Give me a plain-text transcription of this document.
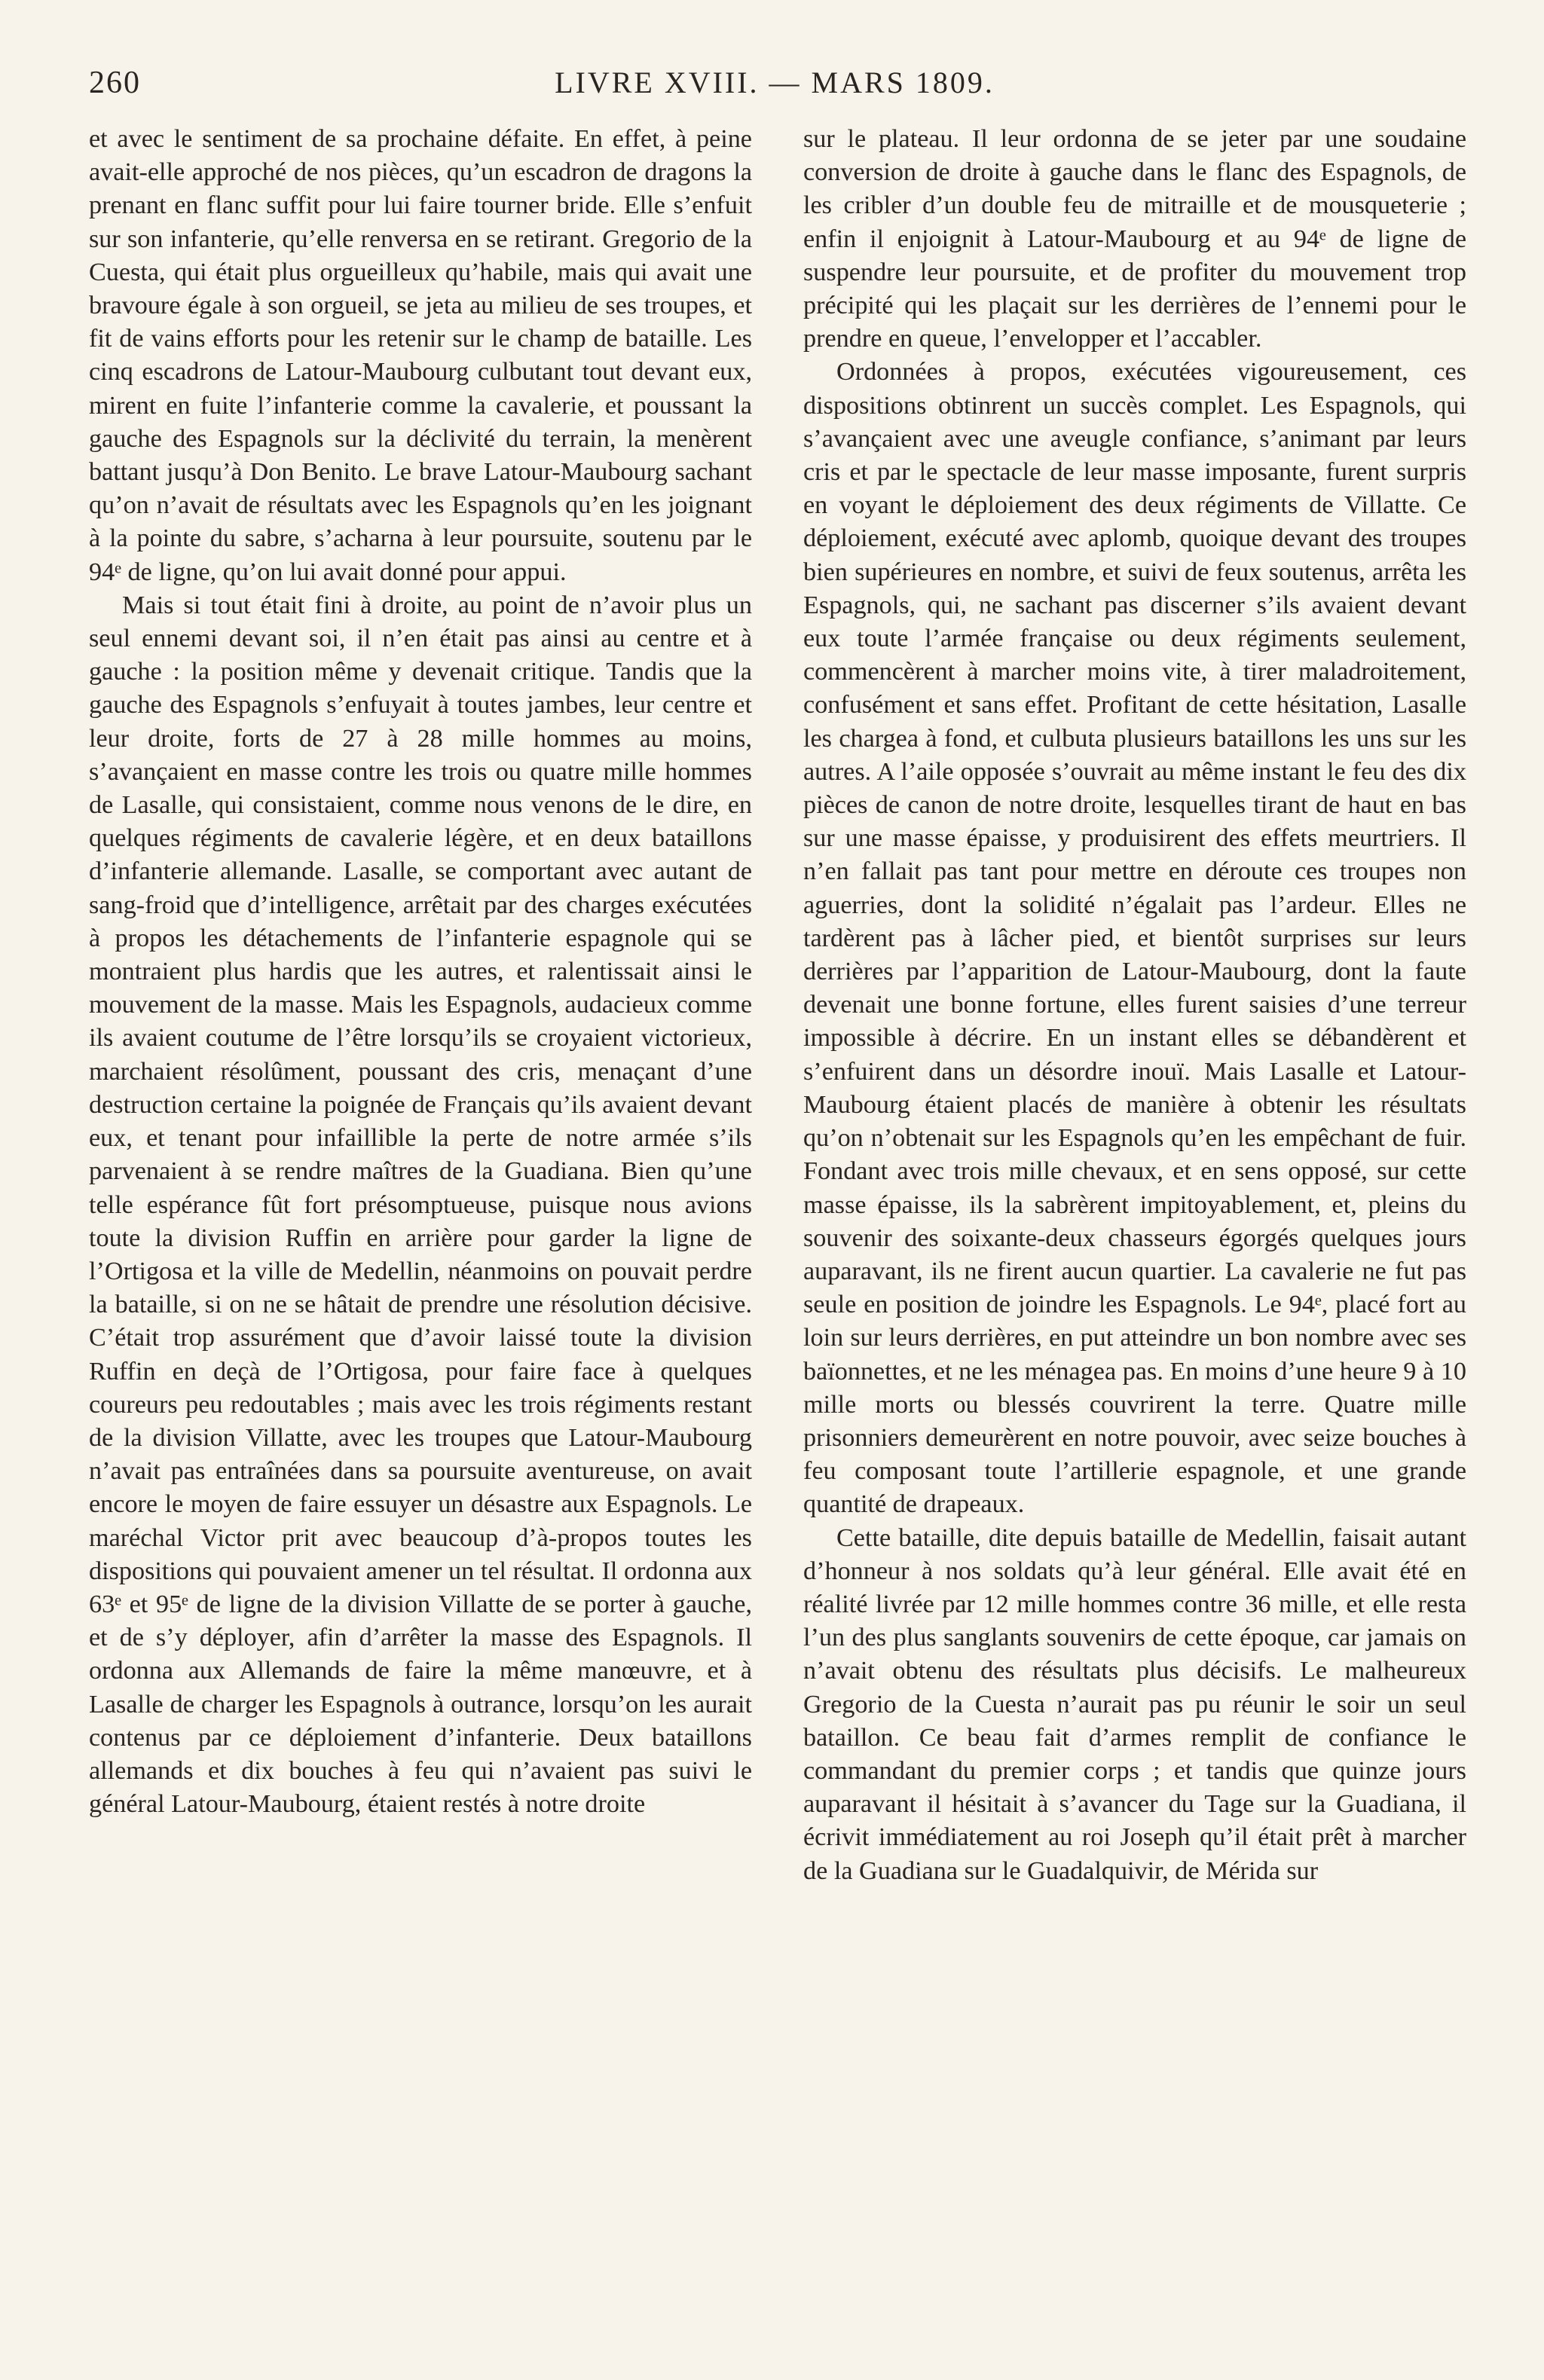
260	LIVRE XVIII. — MARS 1809.

et avec le sentiment de sa prochaine défaite. En effet, à peine avait-elle approché de nos pièces, qu’un escadron de dragons la prenant en flanc suffit pour lui faire tourner bride. Elle s’enfuit sur son infanterie, qu’elle renversa en se retirant. Gregorio de la Cuesta, qui était plus orgueilleux qu’habile, mais qui avait une bravoure égale à son orgueil, se jeta au milieu de ses troupes, et fit de vains efforts pour les retenir sur le champ de bataille. Les cinq escadrons de Latour-Maubourg culbutant tout devant eux, mirent en fuite l’infanterie comme la cavalerie, et poussant la gauche des Espagnols sur la déclivité du terrain, la menèrent battant jusqu’à Don Benito. Le brave Latour-Maubourg sachant qu’on n’avait de résultats avec les Espagnols qu’en les joignant à la pointe du sabre, s’acharna à leur poursuite, soutenu par le 94ᵉ de ligne, qu’on lui avait donné pour appui.

Mais si tout était fini à droite, au point de n’avoir plus un seul ennemi devant soi, il n’en était pas ainsi au centre et à gauche : la position même y devenait critique. Tandis que la gauche des Espagnols s’enfuyait à toutes jambes, leur centre et leur droite, forts de 27 à 28 mille hommes au moins, s’avançaient en masse contre les trois ou quatre mille hommes de Lasalle, qui consistaient, comme nous venons de le dire, en quelques régiments de cavalerie légère, et en deux bataillons d’infanterie allemande. Lasalle, se comportant avec autant de sang-froid que d’intelligence, arrêtait par des charges exécutées à propos les détachements de l’infanterie espagnole qui se montraient plus hardis que les autres, et ralentissait ainsi le mouvement de la masse. Mais les Espagnols, audacieux comme ils avaient coutume de l’être lorsqu’ils se croyaient victorieux, marchaient résolûment, poussant des cris, menaçant d’une destruction certaine la poignée de Français qu’ils avaient devant eux, et tenant pour infaillible la perte de notre armée s’ils parvenaient à se rendre maîtres de la Guadiana. Bien qu’une telle espérance fût fort présomptueuse, puisque nous avions toute la division Ruffin en arrière pour garder la ligne de l’Ortigosa et la ville de Medellin, néanmoins on pouvait perdre la bataille, si on ne se hâtait de prendre une résolution décisive. C’était trop assurément que d’avoir laissé toute la division Ruffin en deçà de l’Ortigosa, pour faire face à quelques coureurs peu redoutables ; mais avec les trois régiments restant de la division Villatte, avec les troupes que Latour-Maubourg n’avait pas entraînées dans sa poursuite aventureuse, on avait encore le moyen de faire essuyer un désastre aux Espagnols. Le maréchal Victor prit avec beaucoup d’à-propos toutes les dispositions qui pouvaient amener un tel résultat. Il ordonna aux 63ᵉ et 95ᵉ de ligne de la division Villatte de se porter à gauche, et de s’y déployer, afin d’arrêter la masse des Espagnols. Il ordonna aux Allemands de faire la même manœuvre, et à Lasalle de charger les Espagnols à outrance, lorsqu’on les aurait contenus par ce déploiement d’infanterie. Deux bataillons allemands et dix bouches à feu qui n’avaient pas suivi le général Latour-Maubourg, étaient restés à notre droite

sur le plateau. Il leur ordonna de se jeter par une soudaine conversion de droite à gauche dans le flanc des Espagnols, de les cribler d’un double feu de mitraille et de mousqueterie ; enfin il enjoignit à Latour-Maubourg et au 94ᵉ de ligne de suspendre leur poursuite, et de profiter du mouvement trop précipité qui les plaçait sur les derrières de l’ennemi pour le prendre en queue, l’envelopper et l’accabler.

Ordonnées à propos, exécutées vigoureusement, ces dispositions obtinrent un succès complet. Les Espagnols, qui s’avançaient avec une aveugle confiance, s’animant par leurs cris et par le spectacle de leur masse imposante, furent surpris en voyant le déploiement des deux régiments de Villatte. Ce déploiement, exécuté avec aplomb, quoique devant des troupes bien supérieures en nombre, et suivi de feux soutenus, arrêta les Espagnols, qui, ne sachant pas discerner s’ils avaient devant eux toute l’armée française ou deux régiments seulement, commencèrent à marcher moins vite, à tirer maladroitement, confusément et sans effet. Profitant de cette hésitation, Lasalle les chargea à fond, et culbuta plusieurs bataillons les uns sur les autres. A l’aile opposée s’ouvrait au même instant le feu des dix pièces de canon de notre droite, lesquelles tirant de haut en bas sur une masse épaisse, y produisirent des effets meurtriers. Il n’en fallait pas tant pour mettre en déroute ces troupes non aguerries, dont la solidité n’égalait pas l’ardeur. Elles ne tardèrent pas à lâcher pied, et bientôt surprises sur leurs derrières par l’apparition de Latour-Maubourg, dont la faute devenait une bonne fortune, elles furent saisies d’une terreur impossible à décrire. En un instant elles se débandèrent et s’enfuirent dans un désordre inouï. Mais Lasalle et Latour-Maubourg étaient placés de manière à obtenir les résultats qu’on n’obtenait sur les Espagnols qu’en les empêchant de fuir. Fondant avec trois mille chevaux, et en sens opposé, sur cette masse épaisse, ils la sabrèrent impitoyablement, et, pleins du souvenir des soixante-deux chasseurs égorgés quelques jours auparavant, ils ne firent aucun quartier. La cavalerie ne fut pas seule en position de joindre les Espagnols. Le 94ᵉ, placé fort au loin sur leurs derrières, en put atteindre un bon nombre avec ses baïonnettes, et ne les ménagea pas. En moins d’une heure 9 à 10 mille morts ou blessés couvrirent la terre. Quatre mille prisonniers demeurèrent en notre pouvoir, avec seize bouches à feu composant toute l’artillerie espagnole, et une grande quantité de drapeaux.

Cette bataille, dite depuis bataille de Medellin, faisait autant d’honneur à nos soldats qu’à leur général. Elle avait été en réalité livrée par 12 mille hommes contre 36 mille, et elle resta l’un des plus sanglants souvenirs de cette époque, car jamais on n’avait obtenu des résultats plus décisifs. Le malheureux Gregorio de la Cuesta n’aurait pas pu réunir le soir un seul bataillon. Ce beau fait d’armes remplit de confiance le commandant du premier corps ; et tandis que quinze jours auparavant il hésitait à s’avancer du Tage sur la Guadiana, il écrivit immédiatement au roi Joseph qu’il était prêt à marcher de la Guadiana sur le Guadalquivir, de Mérida sur
